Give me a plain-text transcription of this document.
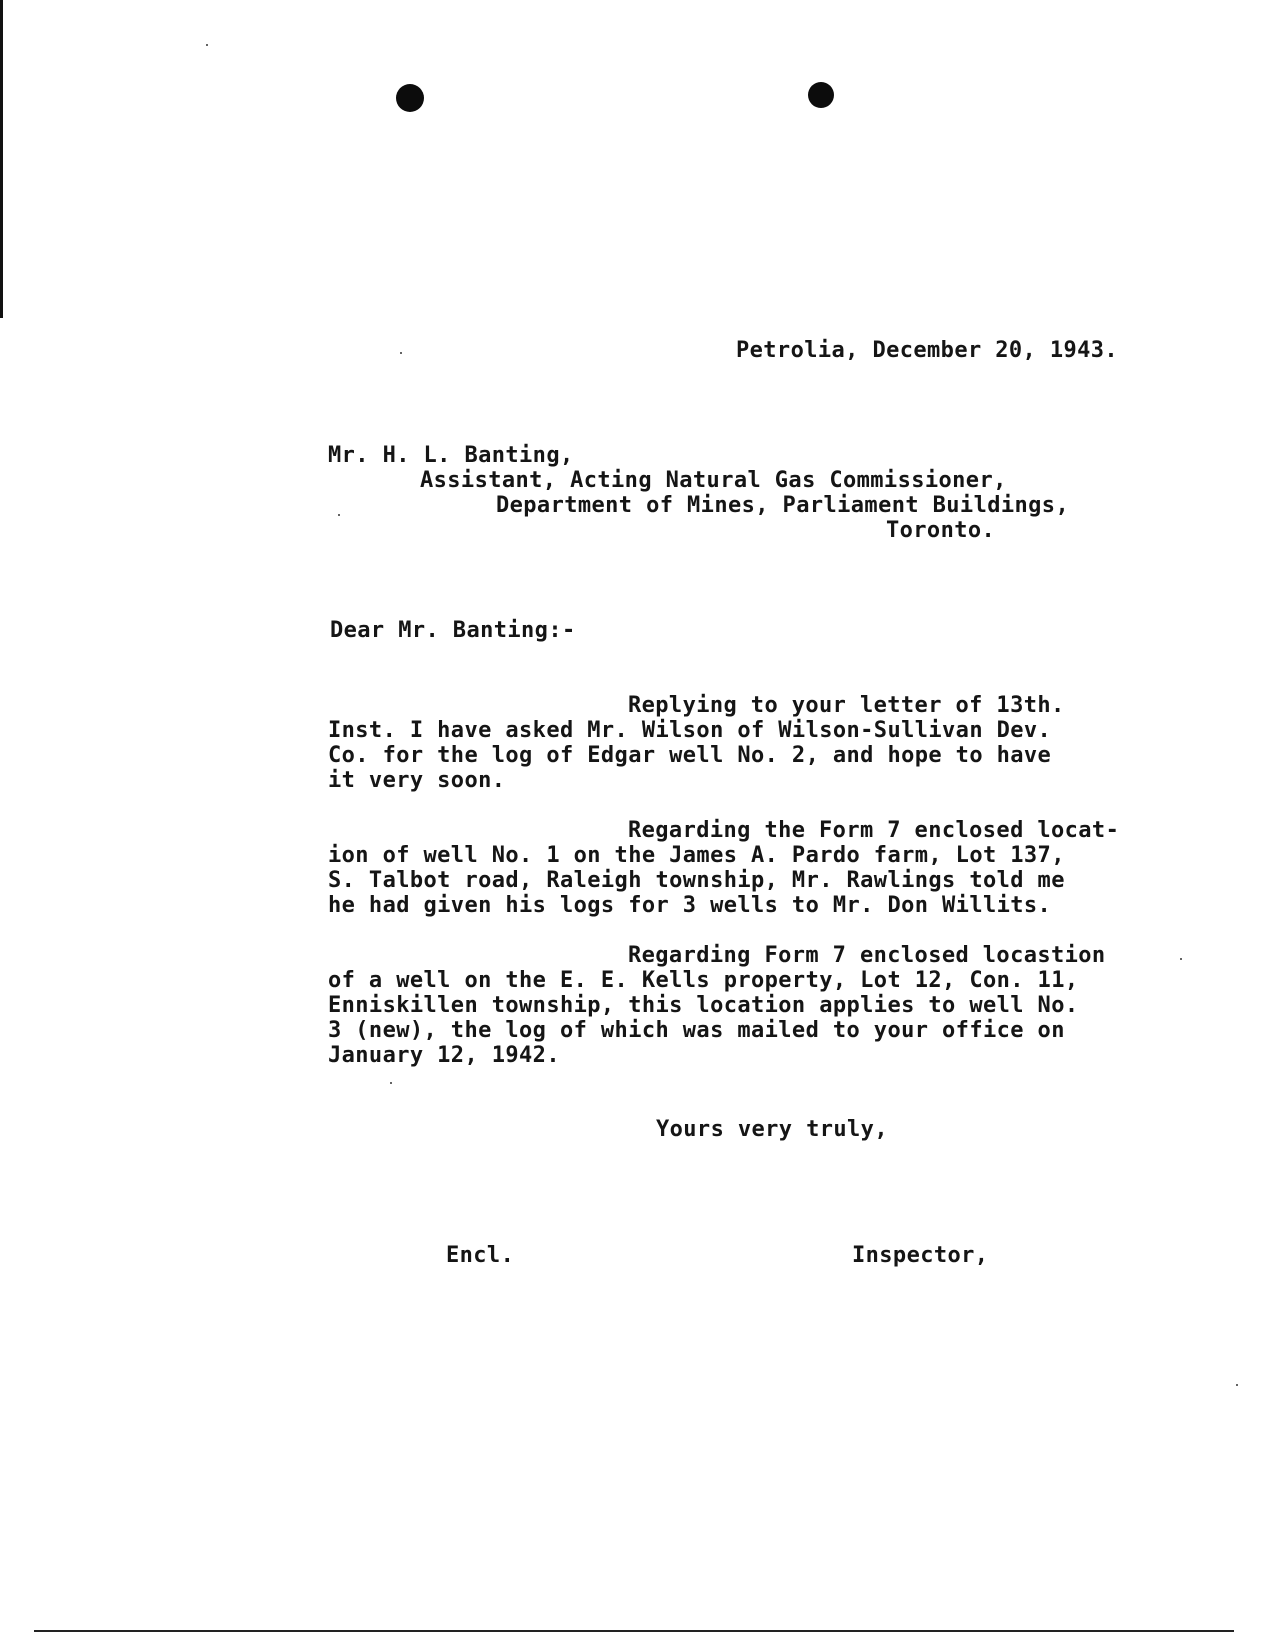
Petrolia, December 20, 1943.
Mr. H. L. Banting,
Assistant, Acting Natural Gas Commissioner,
Department of Mines, Parliament Buildings,
Toronto.
Dear Mr. Banting:-
Replying to your letter of 13th.
Inst. I have asked Mr. Wilson of Wilson-Sullivan Dev.
Co. for the log of Edgar well No. 2, and hope to have
it very soon.
Regarding the Form 7 enclosed locat-
ion of well No. 1 on the James A. Pardo farm, Lot 137,
S. Talbot road, Raleigh township, Mr. Rawlings told me
he had given his logs for 3 wells to Mr. Don Willits.
Regarding Form 7 enclosed locastion
of a well on the E. E. Kells property, Lot 12, Con. 11,
Enniskillen township, this location applies to well No.
3 (new), the log of which was mailed to your office on
January 12, 1942.
Yours very truly,
Encl.	Inspector,
